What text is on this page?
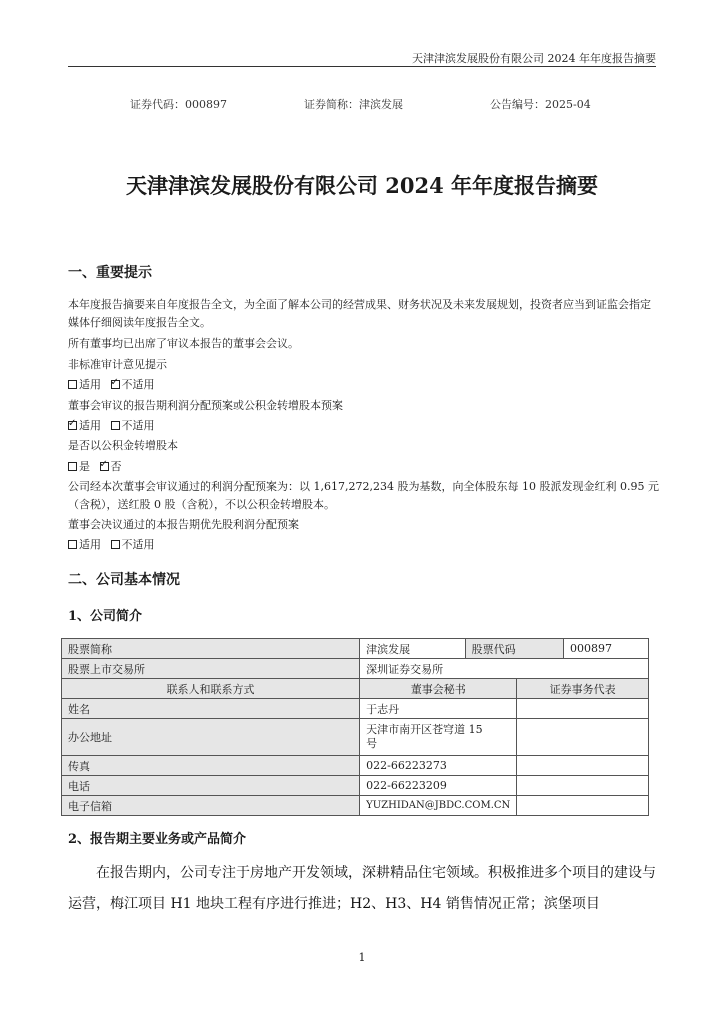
天津津滨发展股份有限公司 2024 年年度报告摘要
证券代码：000897	证券简称：津滨发展	公告编号：2025-04
天津津滨发展股份有限公司 2024 年年度报告摘要
一、重要提示
本年度报告摘要来自年度报告全文，为全面了解本公司的经营成果、财务状况及未来发展规划，投资者应当到证监会指定媒体仔细阅读年度报告全文。
所有董事均已出席了审议本报告的董事会会议。
非标准审计意见提示
适用 ✓ 不适用
董事会审议的报告期利润分配预案或公积金转增股本预案
✓适用 不适用
是否以公积金转增股本
是 ✓ 否
公司经本次董事会审议通过的利润分配预案为：以 1,617,272,234 股为基数，向全体股东每 10 股派发现金红利 0.95 元
（含税），送红股 0 股（含税），不以公积金转增股本。
董事会决议通过的本报告期优先股利润分配预案
适用 不适用
二、公司基本情况
1、公司简介
股票简称	津滨发展	股票代码		000897
股票上市交易所	深圳证券交易所			
联系人和联系方式	董事会秘书		证券事务代表	
姓名	于志丹			
办公地址	天津市南开区苍穹道 15
号			

传真	022-66223273			
电话	022-66223209			
电子信箱	YUZHIDAN@JBDC.COM.CN			
2、报告期主要业务或产品简介
在报告期内，公司专注于房地产开发领域，深耕精品住宅领域。积极推进多个项目的建设与运营，梅江项目 H1 地块工程有序进行推进；H2、H3、H4 销售情况正常；滨堡项目
1
